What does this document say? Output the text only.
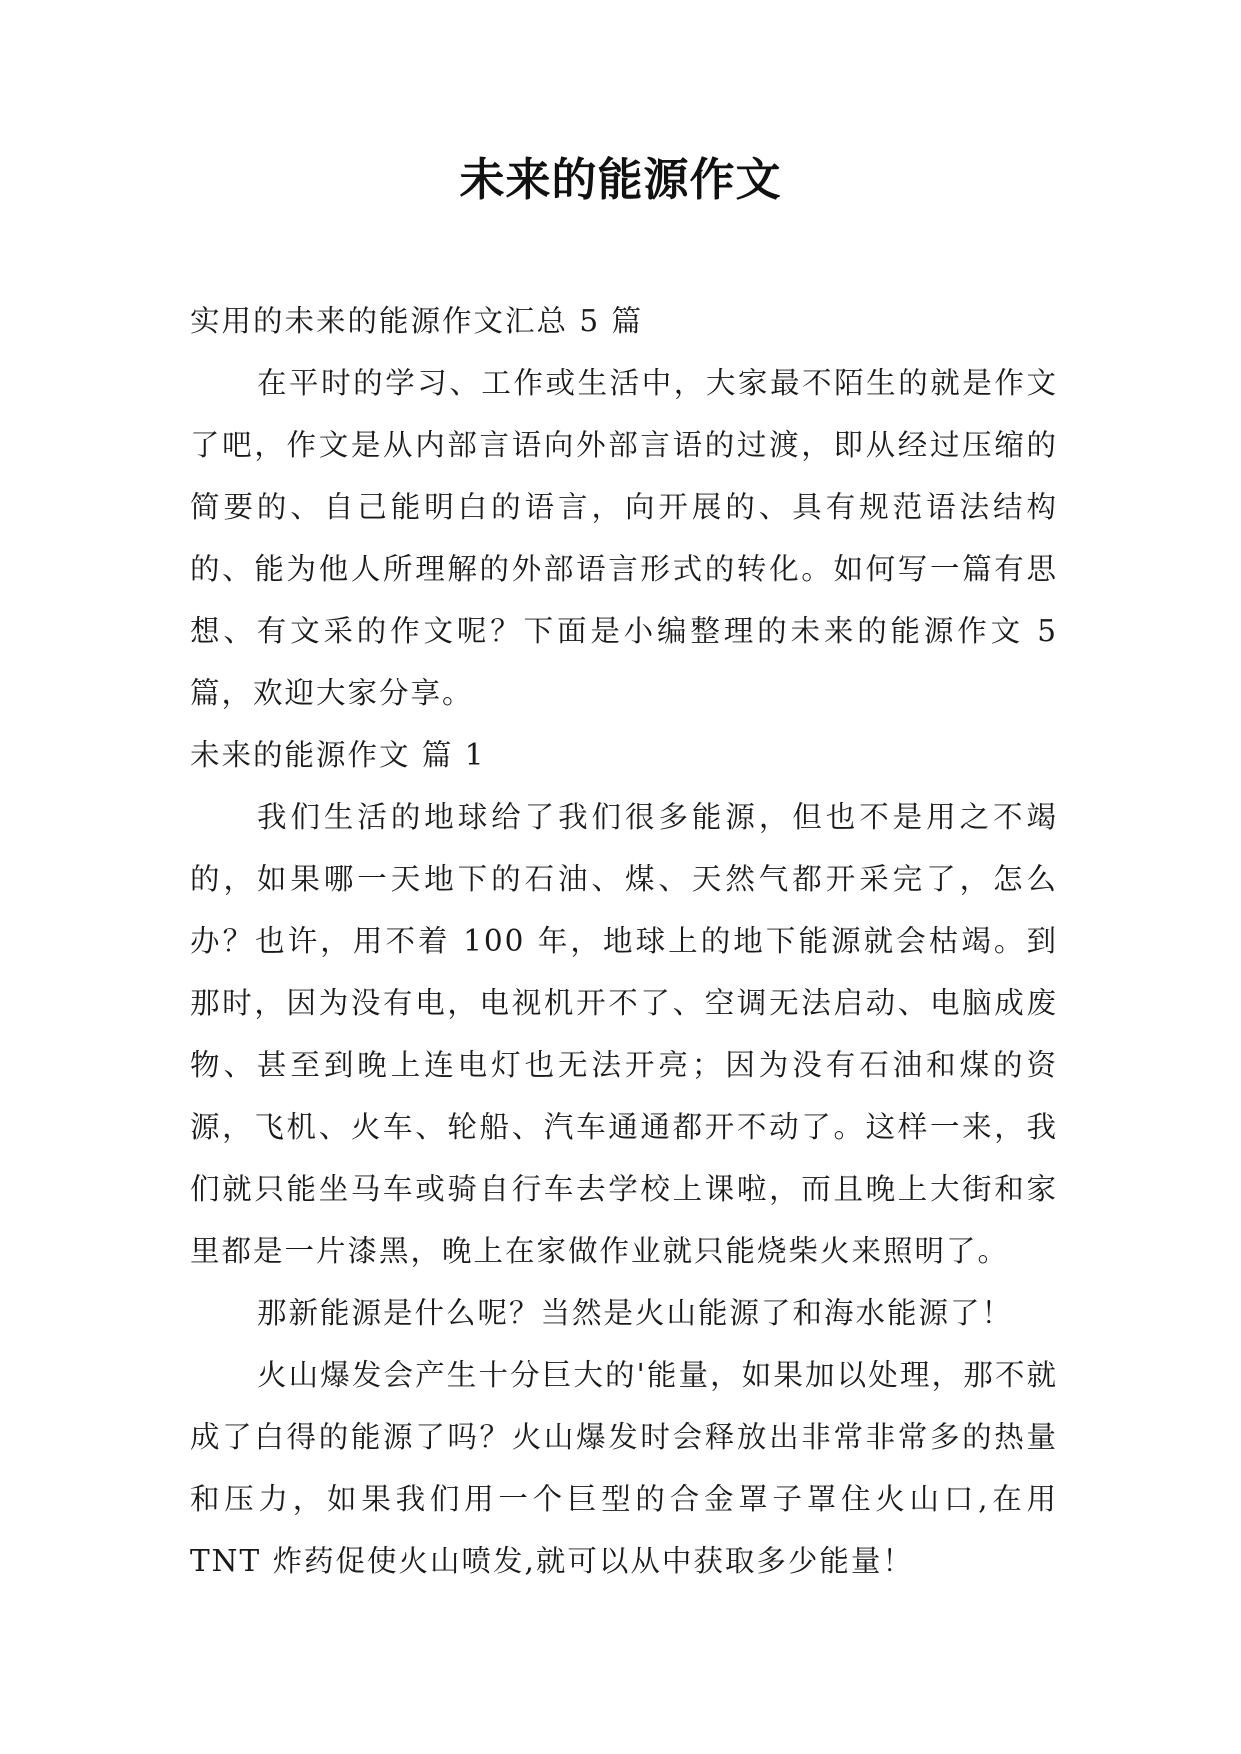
未来的能源作文

实用的未来的能源作文汇总 5 篇

在平时的学习、工作或生活中，大家最不陌生的就是作文了吧，作文是从内部言语向外部言语的过渡，即从经过压缩的简要的、自己能明白的语言，向开展的、具有规范语法结构的、能为他人所理解的外部语言形式的转化。如何写一篇有思想、有文采的作文呢？下面是小编整理的未来的能源作文 5 篇，欢迎大家分享。

未来的能源作文 篇 1

我们生活的地球给了我们很多能源，但也不是用之不竭的，如果哪一天地下的石油、煤、天然气都开采完了，怎么办？也许，用不着 100 年，地球上的地下能源就会枯竭。到那时，因为没有电，电视机开不了、空调无法启动、电脑成废物、甚至到晚上连电灯也无法开亮；因为没有石油和煤的资源，飞机、火车、轮船、汽车通通都开不动了。这样一来，我们就只能坐马车或骑自行车去学校上课啦，而且晚上大街和家里都是一片漆黑，晚上在家做作业就只能烧柴火来照明了。

那新能源是什么呢？当然是火山能源了和海水能源了！

火山爆发会产生十分巨大的'能量，如果加以处理，那不就成了白得的能源了吗？火山爆发时会释放出非常非常多的热量和压力，如果我们用一个巨型的合金罩子罩住火山口,在用 TNT 炸药促使火山喷发,就可以从中获取多少能量！
